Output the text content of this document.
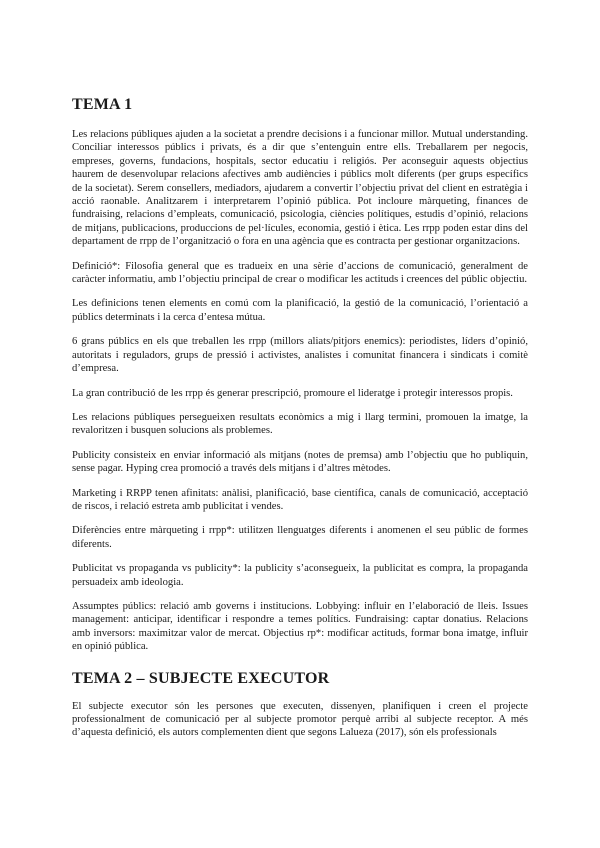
TEMA 1

Les relacions públiques ajuden a la societat a prendre decisions i a funcionar millor. Mutual understanding. Conciliar interessos públics i privats, és a dir que s’entenguin entre ells. Treballarem per negocis, empreses, governs, fundacions, hospitals, sector educatiu i religiós. Per aconseguir aquests objectius haurem de desenvolupar relacions afectives amb audiències i públics molt diferents (per grups específics de la societat). Serem consellers, mediadors, ajudarem a convertir l’objectiu privat del client en estratègia i acció raonable. Analitzarem i interpretarem l’opinió pública. Pot incloure màrqueting, finances de fundraising, relacions d’empleats, comunicació, psicologia, ciències polítiques, estudis d’opinió, relacions de mitjans, publicacions, produccions de pel·lícules, economia, gestió i ètica. Les rrpp poden estar dins del departament de rrpp de l’organització o fora en una agència que es contracta per gestionar organitzacions.

Definició*: Filosofia general que es tradueix en una sèrie d’accions de comunicació, generalment de caràcter informatiu, amb l’objectiu principal de crear o modificar les actituds i creences del públic objectiu.

Les definicions tenen elements en comú com la planificació, la gestió de la comunicació, l’orientació a públics determinats i la cerca d’entesa mútua.

6 grans públics en els que treballen les rrpp (millors aliats/pitjors enemics): periodistes, líders d’opinió, autoritats i reguladors, grups de pressió i activistes, analistes i comunitat financera i sindicats i comitè d’empresa.

La gran contribució de les rrpp és generar prescripció, promoure el lideratge i protegir interessos propis.

Les relacions públiques persegueixen resultats econòmics a mig i llarg termini, promouen la imatge, la revaloritzen i busquen solucions als problemes.

Publicity consisteix en enviar informació als mitjans (notes de premsa) amb l’objectiu que ho publiquin, sense pagar. Hyping crea promoció a través dels mitjans i d’altres mètodes.

Marketing i RRPP tenen afinitats: anàlisi, planificació, base científica, canals de comunicació, acceptació de riscos, i relació estreta amb publicitat i vendes.

Diferències entre màrqueting i rrpp*: utilitzen llenguatges diferents i anomenen el seu públic de formes diferents.

Publicitat vs propaganda vs publicity*: la publicity s’aconsegueix, la publicitat es compra, la propaganda persuadeix amb ideologia.

Assumptes públics: relació amb governs i institucions. Lobbying: influir en l’elaboració de lleis. Issues management: anticipar, identificar i respondre a temes polítics. Fundraising: captar donatius. Relacions amb inversors: maximitzar valor de mercat. Objectius rp*: modificar actituds, formar bona imatge, influir en opinió pública.

TEMA 2 – SUBJECTE EXECUTOR

El subjecte executor són les persones que executen, dissenyen, planifiquen i creen el projecte professionalment de comunicació per al subjecte promotor perquè arribi al subjecte receptor. A més d’aquesta definició, els autors complementen dient que segons Lalueza (2017), són els professionals
